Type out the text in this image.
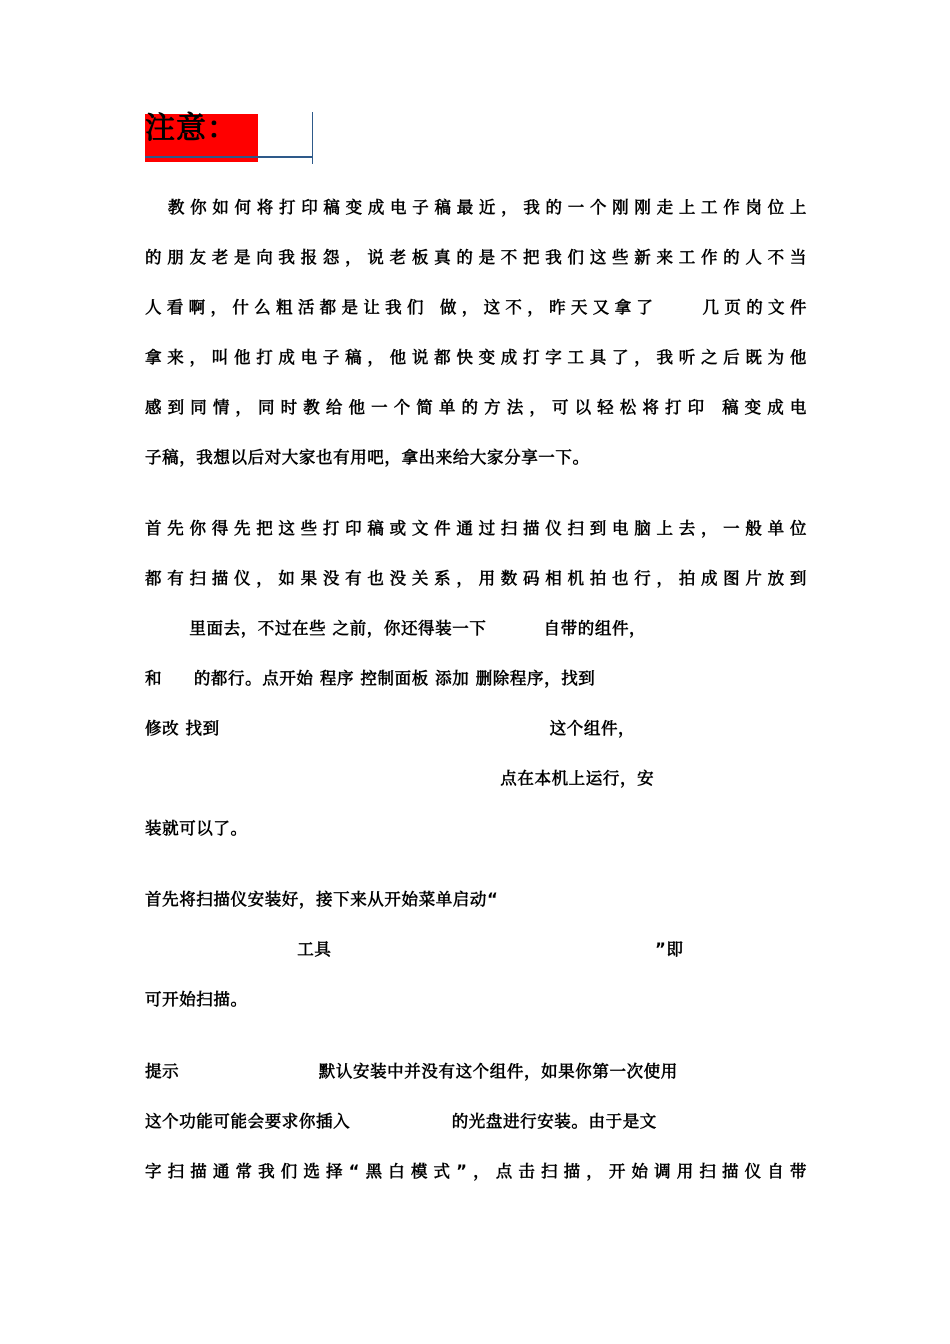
注意：
教你如何将打印稿变成电子稿最近，我的一个刚刚走上工作岗位上
的朋友老是向我报怨，说老板真的是不把我们这些新来工作的人不当
人看啊，什么粗活都是让我们 做，这不，昨天又拿了    几页的文件
拿来，叫他打成电子稿，他说都快变成打字工具了，我听之后既为他
感到同情，同时教给他一个简单的方法，可以轻松将打印 稿变成电
子稿，我想以后对大家也有用吧，拿出来给大家分享一下。
首先你得先把这些打印稿或文件通过扫描仪扫到电脑上去，一般单位
都有扫描仪，如果没有也没关系，用数码相机拍也行，拍成图片放到
里面去，不过在些 之前，你还得装一下         自带的组件，
和     的都行。点开始 程序 控制面板 添加 删除程序，找到
修改 找到                                                    这个组件，
点在本机上运行，安
装就可以了。
首先将扫描仪安装好，接下来从开始菜单启动“
工具                                                   ”即
可开始扫描。
提示                      默认安装中并没有这个组件，如果你第一次使用
这个功能可能会要求你插入                的光盘进行安装。由于是文
字扫描通常我们选择“黑白模式”，点击扫描，开始调用扫描仪自带
